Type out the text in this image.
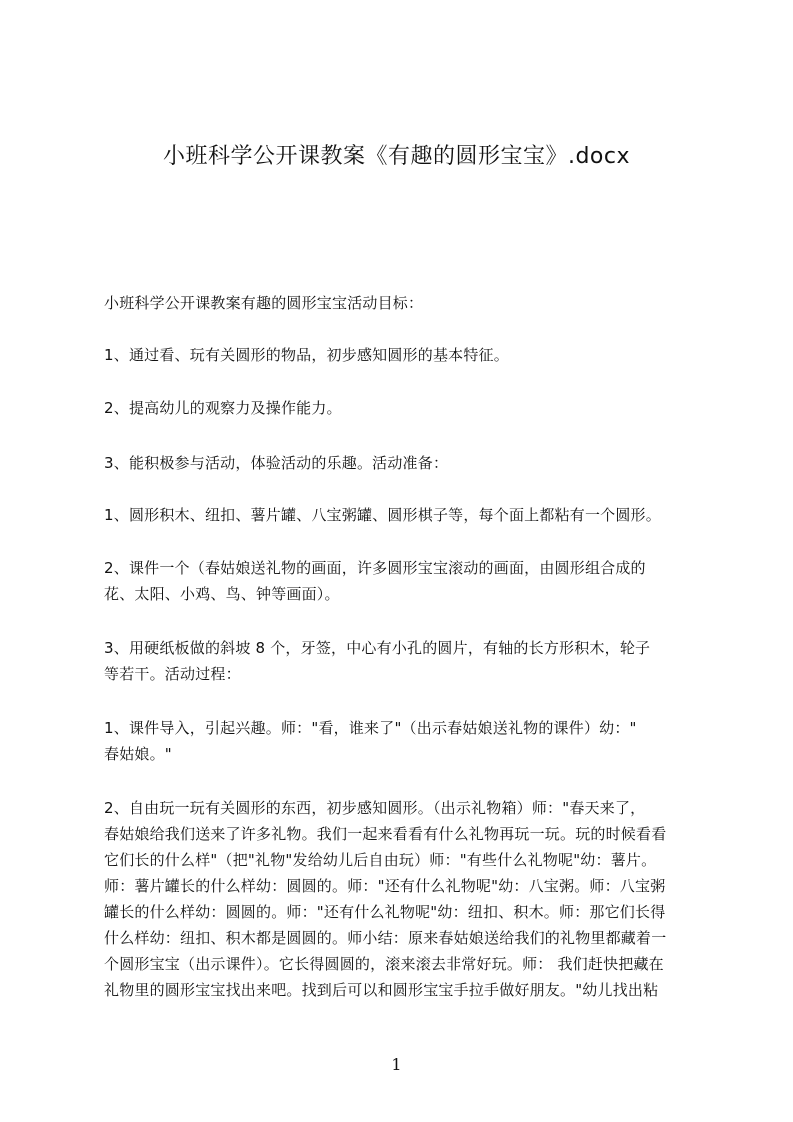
小班科学公开课教案《有趣的圆形宝宝》.docx
小班科学公开课教案有趣的圆形宝宝活动目标：
1、通过看、玩有关圆形的物品，初步感知圆形的基本特征。
2、提高幼儿的观察力及操作能力。
3、能积极参与活动，体验活动的乐趣。活动准备：
1、圆形积木、纽扣、薯片罐、八宝粥罐、圆形棋子等，每个面上都粘有一个圆形。
2、课件一个（春姑娘送礼物的画面，许多圆形宝宝滚动的画面，由圆形组合成的
花、太阳、小鸡、鸟、钟等画面）。
3、用硬纸板做的斜坡 8 个，牙签，中心有小孔的圆片，有轴的长方形积木，轮子
等若干。活动过程：
1、课件导入，引起兴趣。师："看，谁来了"（出示春姑娘送礼物的课件）幼："
春姑娘。"
2、自由玩一玩有关圆形的东西，初步感知圆形。（出示礼物箱）师："春天来了，
春姑娘给我们送来了许多礼物。我们一起来看看有什么礼物再玩一玩。玩的时候看看
它们长的什么样"（把"礼物"发给幼儿后自由玩）师："有些什么礼物呢"幼：薯片。
师：薯片罐长的什么样幼：圆圆的。师："还有什么礼物呢"幼：八宝粥。师：八宝粥
罐长的什么样幼：圆圆的。师："还有什么礼物呢"幼：纽扣、积木。师：那它们长得
什么样幼：纽扣、积木都是圆圆的。师小结：原来春姑娘送给我们的礼物里都藏着一
个圆形宝宝（出示课件）。它长得圆圆的，滚来滚去非常好玩。师： 我们赶快把藏在
礼物里的圆形宝宝找出来吧。找到后可以和圆形宝宝手拉手做好朋友。"幼儿找出粘
1
